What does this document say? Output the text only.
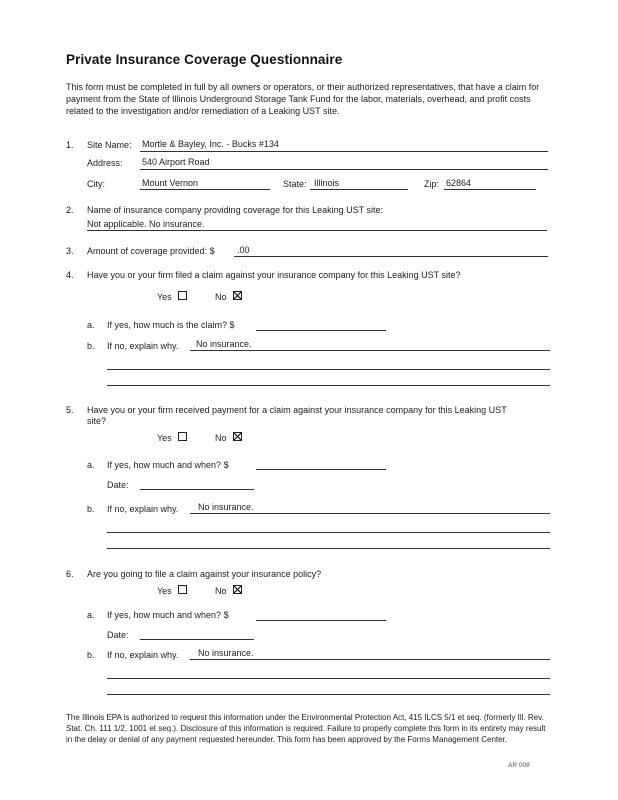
Private Insurance Coverage Questionnaire
This form must be completed in full by all owners or operators, or their authorized representatives, that have a claim for payment from the State of Illinois Underground Storage Tank Fund for the labor, materials, overhead, and profit costs related to the investigation and/or remediation of a Leaking UST site.
1. Site Name: Mortle & Bayley, Inc. - Bucks #134
Address: 540 Airport Road
City:	Mount Vernon	State: Illinois	Zip: 62864
2. Name of insurance company providing coverage for this Leaking UST site:
Not applicable. No insurance.
3. Amount of coverage provided: $ .00
4. Have you or your firm filed a claim against your insurance company for this Leaking UST site?
Yes	No
a. If yes, how much is the claim? $
b. If no, explain why. No insurance.
5. Have you or your firm received payment for a claim against your insurance company for this Leaking UST
site?
Yes	No
a. If yes, how much and when? $
Date:
b. If no, explain why. No insurance.
6. Are you going to file a claim against your insurance policy?
Yes	No
a. If yes, how much and when? $
Date:
b. If no, explain why. No insurance.
The Illinois EPA is authorized to request this information under the Environmental Protection Act, 415 ILCS 5/1 et seq. (formerly Ill. Rev. Stat. Ch. 111 1/2, 1001 et seq.). Disclosure of this information is required. Failure to properly complete this form in its entirety may result in the delay or denial of any payment requested hereunder. This form has been approved by the Forms Management Center.
AR 008
